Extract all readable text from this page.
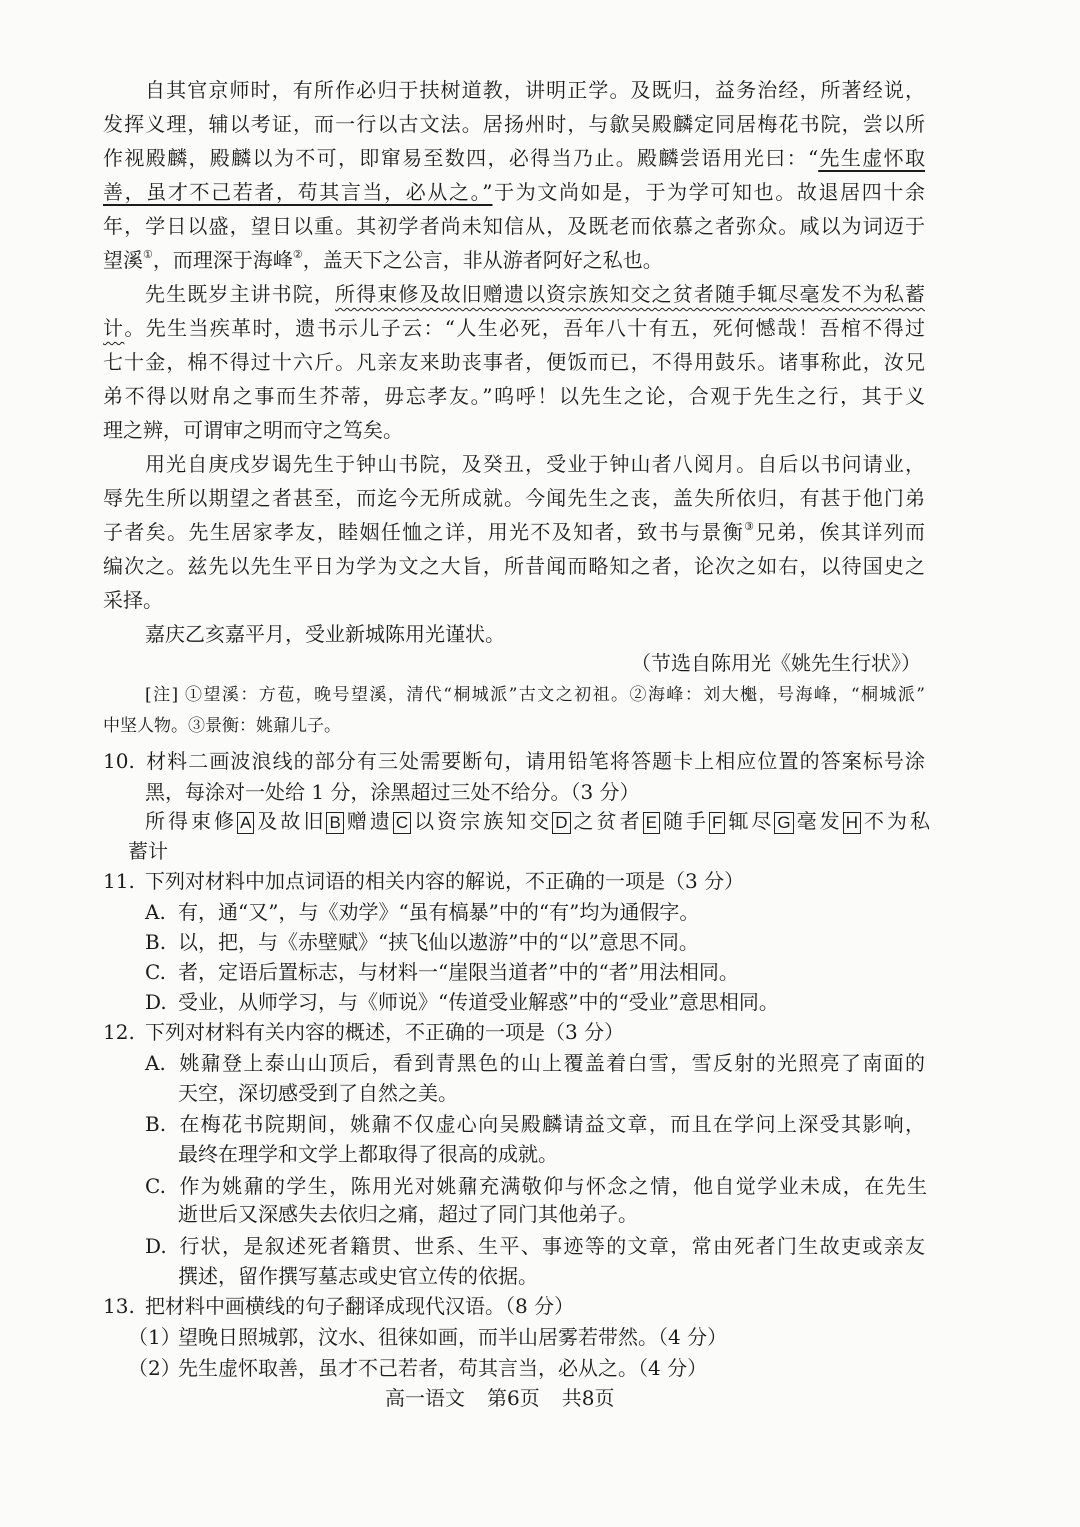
自其官京师时，有所作必归于扶树道教，讲明正学。及既归，益务治经，所著经说，
发挥义理，辅以考证，而一行以古文法。居扬州时，与歙吴殿麟定同居梅花书院，尝以所
作视殿麟，殿麟以为不可，即窜易至数四，必得当乃止。殿麟尝语用光曰：“先生虚怀取
善，虽才不己若者，苟其言当，必从之。”于为文尚如是，于为学可知也。故退居四十余
年，学日以盛，望日以重。其初学者尚未知信从，及既老而依慕之者弥众。咸以为词迈于
望溪①，而理深于海峰②，盖天下之公言，非从游者阿好之私也。
先生既岁主讲书院，所得束修及故旧赠遗以资宗族知交之贫者随手辄尽毫发不为私蓄
计。先生当疾革时，遗书示儿子云：“人生必死，吾年八十有五，死何憾哉！吾棺不得过
七十金，棉不得过十六斤。凡亲友来助丧事者，便饭而已，不得用鼓乐。诸事称此，汝兄
弟不得以财帛之事而生芥蒂，毋忘孝友。”呜呼！以先生之论，合观于先生之行，其于义
理之辨，可谓审之明而守之笃矣。
用光自庚戌岁谒先生于钟山书院，及癸丑，受业于钟山者八阅月。自后以书问请业，
辱先生所以期望之者甚至，而迄今无所成就。今闻先生之丧，盖失所依归，有甚于他门弟
子者矣。先生居家孝友，睦姻任恤之详，用光不及知者，致书与景衡③兄弟，俟其详列而
编次之。兹先以先生平日为学为文之大旨，所昔闻而略知之者，论次之如右，以待国史之
采择。
嘉庆乙亥嘉平月，受业新城陈用光谨状。
（节选自陈用光《姚先生行状》）
[注] ①望溪：方苞，晚号望溪，清代“桐城派”古文之初祖。②海峰：刘大櫆，号海峰，“桐城派”
中坚人物。③景衡：姚鼐儿子。
10. 材料二画波浪线的部分有三处需要断句，请用铅笔将答题卡上相应位置的答案标号涂
黑，每涂对一处给 1 分，涂黑超过三处不给分。（3 分）
所得束修 A 及故旧 B 赠遗 C 以资宗族知交 D 之贫者 E 随手 F 辄尽 G 毫发 H 不为私
蓄计
11. 下列对材料中加点词语的相关内容的解说，不正确的一项是（3 分）
A. 有，通“又”，与《劝学》“虽有槁暴”中的“有”均为通假字。
B. 以，把，与《赤壁赋》“挟飞仙以遨游”中的“以”意思不同。
C. 者，定语后置标志，与材料一“崖限当道者”中的“者”用法相同。
D. 受业，从师学习，与《师说》“传道受业解惑”中的“受业”意思相同。
12. 下列对材料有关内容的概述，不正确的一项是（3 分）
A. 姚鼐登上泰山山顶后，看到青黑色的山上覆盖着白雪，雪反射的光照亮了南面的
天空，深切感受到了自然之美。
B. 在梅花书院期间，姚鼐不仅虚心向吴殿麟请益文章，而且在学问上深受其影响，
最终在理学和文学上都取得了很高的成就。
C. 作为姚鼐的学生，陈用光对姚鼐充满敬仰与怀念之情，他自觉学业未成，在先生
逝世后又深感失去依归之痛，超过了同门其他弟子。
D. 行状，是叙述死者籍贯、世系、生平、事迹等的文章，常由死者门生故吏或亲友
撰述，留作撰写墓志或史官立传的依据。
13. 把材料中画横线的句子翻译成现代汉语。（8 分）
（1）望晚日照城郭，汶水、徂徕如画，而半山居雾若带然。（4 分）
（2）先生虚怀取善，虽才不己若者，苟其言当，必从之。（4 分）
高一语文 第6页 共8页
